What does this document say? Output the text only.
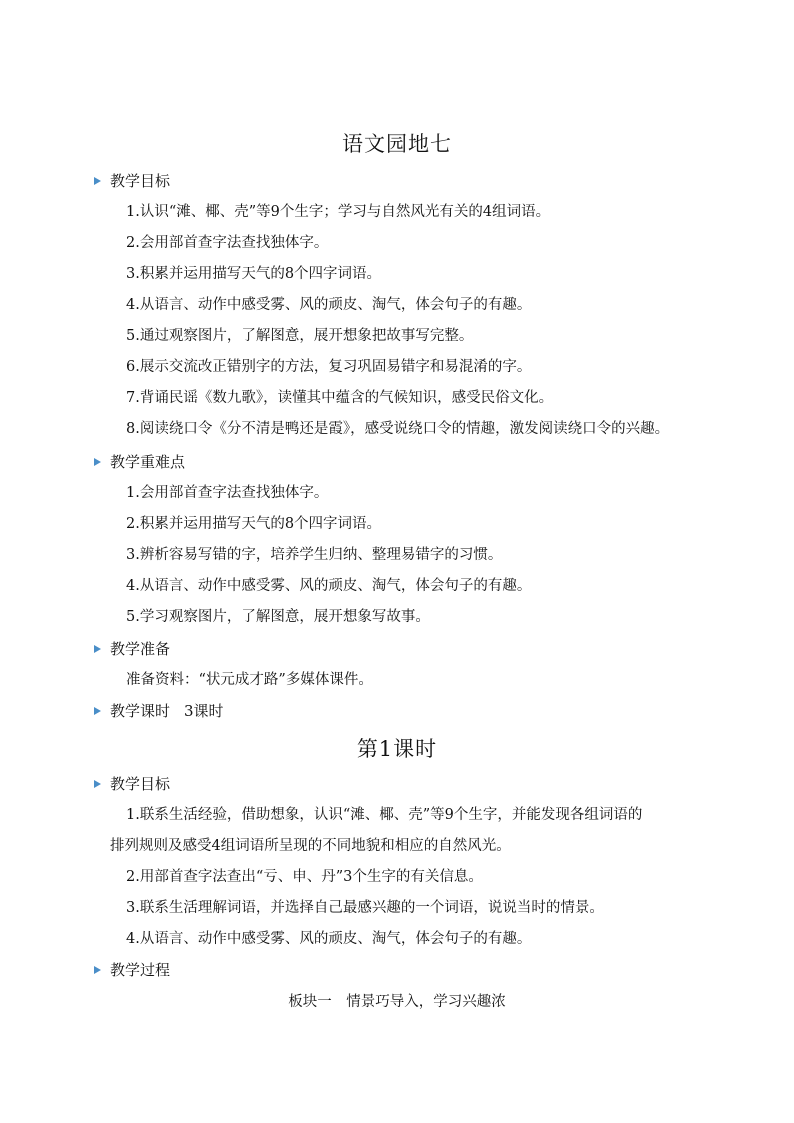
语文园地七
教学目标
1.认识“滩、椰、壳”等9个生字；学习与自然风光有关的4组词语。
2.会用部首查字法查找独体字。
3.积累并运用描写天气的8个四字词语。
4.从语言、动作中感受雾、风的顽皮、淘气，体会句子的有趣。
5.通过观察图片，了解图意，展开想象把故事写完整。
6.展示交流改正错别字的方法，复习巩固易错字和易混淆的字。
7.背诵民谣《数九歌》，读懂其中蕴含的气候知识，感受民俗文化。
8.阅读绕口令《分不清是鸭还是霞》，感受说绕口令的情趣，激发阅读绕口令的兴趣。
教学重难点
1.会用部首查字法查找独体字。
2.积累并运用描写天气的8个四字词语。
3.辨析容易写错的字，培养学生归纳、整理易错字的习惯。
4.从语言、动作中感受雾、风的顽皮、淘气，体会句子的有趣。
5.学习观察图片，了解图意，展开想象写故事。
教学准备
准备资料：“状元成才路”多媒体课件。
教学课时 3课时
第1课时
教学目标
1.联系生活经验，借助想象，认识“滩、椰、壳”等9个生字，并能发现各组词语的
排列规则及感受4组词语所呈现的不同地貌和相应的自然风光。
2.用部首查字法查出“亏、申、丹”3个生字的有关信息。
3.联系生活理解词语，并选择自己最感兴趣的一个词语，说说当时的情景。
4.从语言、动作中感受雾、风的顽皮、淘气，体会句子的有趣。
教学过程
板块一　情景巧导入，学习兴趣浓
